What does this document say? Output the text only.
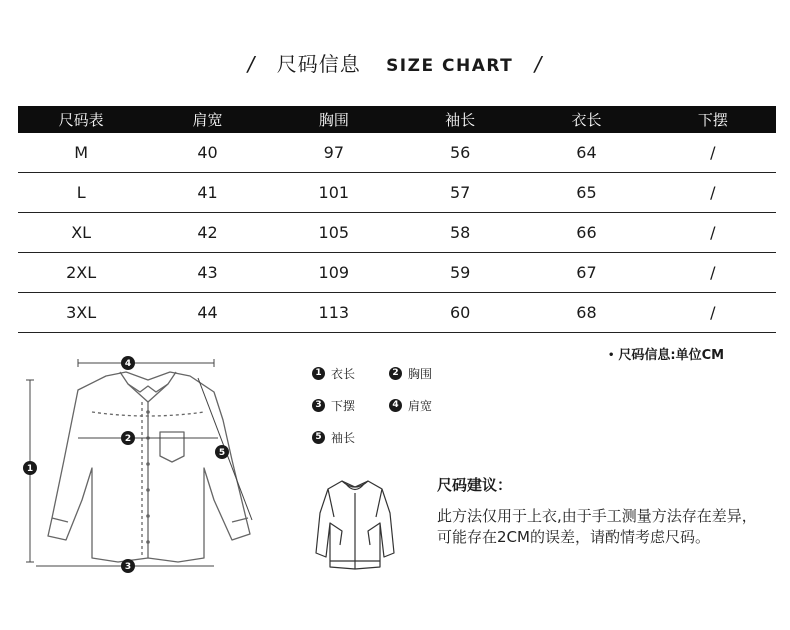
/ 尺码信息 SIZE CHART /
尺码表	肩宽	胸围	袖长	衣长	下摆
M	40	97	56	64	/
L	41	101	57	65	/
XL	42	105	58	66	/
2XL	43	109	59	67	/
3XL	44	113	60	68	/
• 尺码信息:单位CM
4
2
3
1
5
1 衣长	2 胸围
3 下摆	4 肩宽
5 袖长
尺码建议：
此方法仅用于上衣,由于手工测量方法存在差异，可能存在2CM的误差，请酌情考虑尺码。
